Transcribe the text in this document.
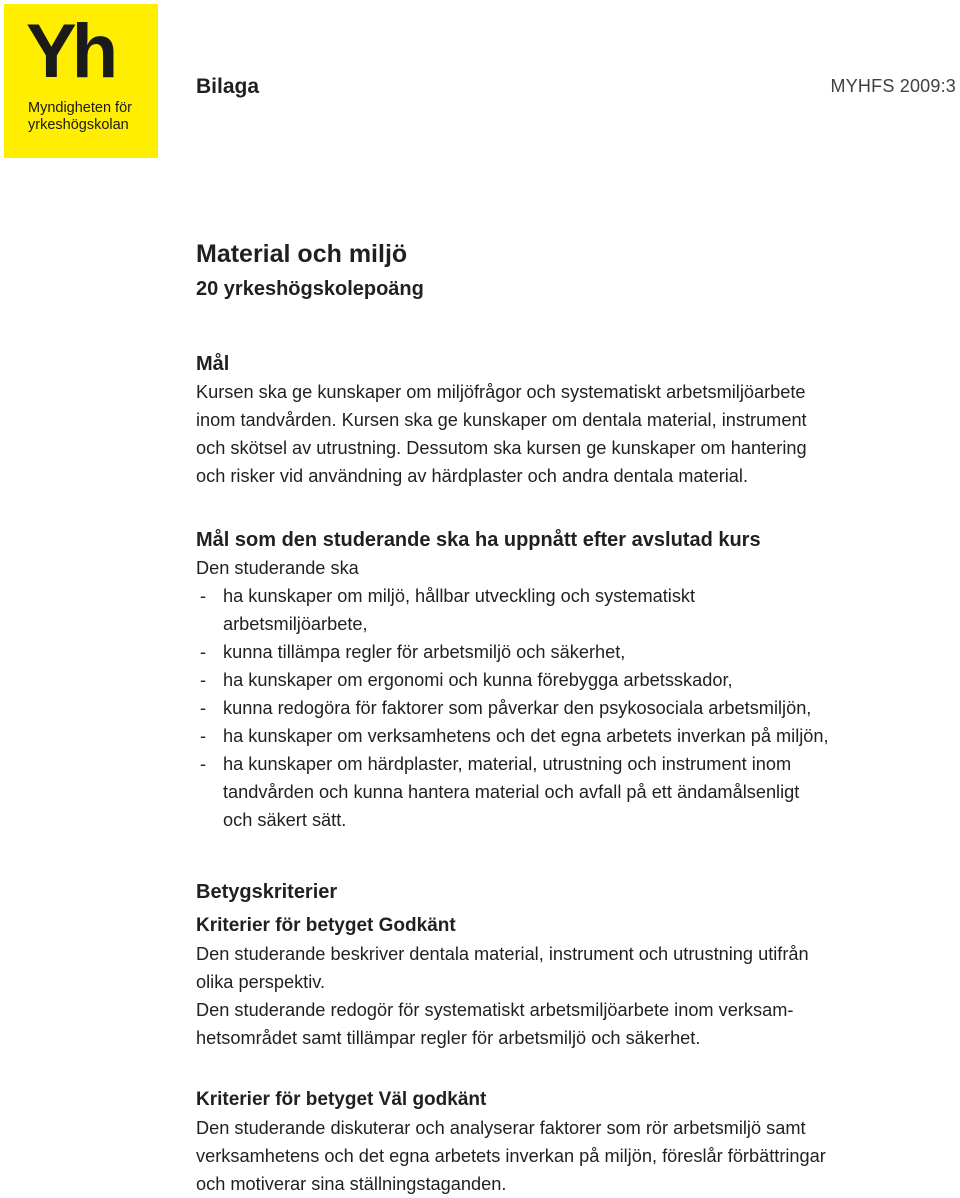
Yh
Myndigheten för
yrkeshögskolan
Bilaga	MYHFS 2009:3
Material och miljö
20 yrkeshögskolepoäng
Mål

Kursen ska ge kunskaper om miljöfrågor och systematiskt arbetsmiljöarbete
inom tandvården. Kursen ska ge kunskaper om dentala material, instrument
och skötsel av utrustning. Dessutom ska kursen ge kunskaper om hantering
och risker vid användning av härdplaster och andra dentala material.

Mål som den studerande ska ha uppnått efter avslutad kurs

Den studerande ska

- ha kunskaper om miljö, hållbar utveckling och systematiskt
arbetsmiljöarbete,
- kunna tillämpa regler för arbetsmiljö och säkerhet,
- ha kunskaper om ergonomi och kunna förebygga arbetsskador,
- kunna redogöra för faktorer som påverkar den psykosociala arbetsmiljön,
- ha kunskaper om verksamhetens och det egna arbetets inverkan på miljön,
- ha kunskaper om härdplaster, material, utrustning och instrument inom
tandvården och kunna hantera material och avfall på ett ändamålsenligt
och säkert sätt.
Betygskriterier
Kriterier för betyget Godkänt

Den studerande beskriver dentala material, instrument och utrustning utifrån
olika perspektiv.
Den studerande redogör för systematiskt arbetsmiljöarbete inom verksam-
hetsområdet samt tillämpar regler för arbetsmiljö och säkerhet.

Kriterier för betyget Väl godkänt

Den studerande diskuterar och analyserar faktorer som rör arbetsmiljö samt
verksamhetens och det egna arbetets inverkan på miljön, föreslår förbättringar
och motiverar sina ställningstaganden.
